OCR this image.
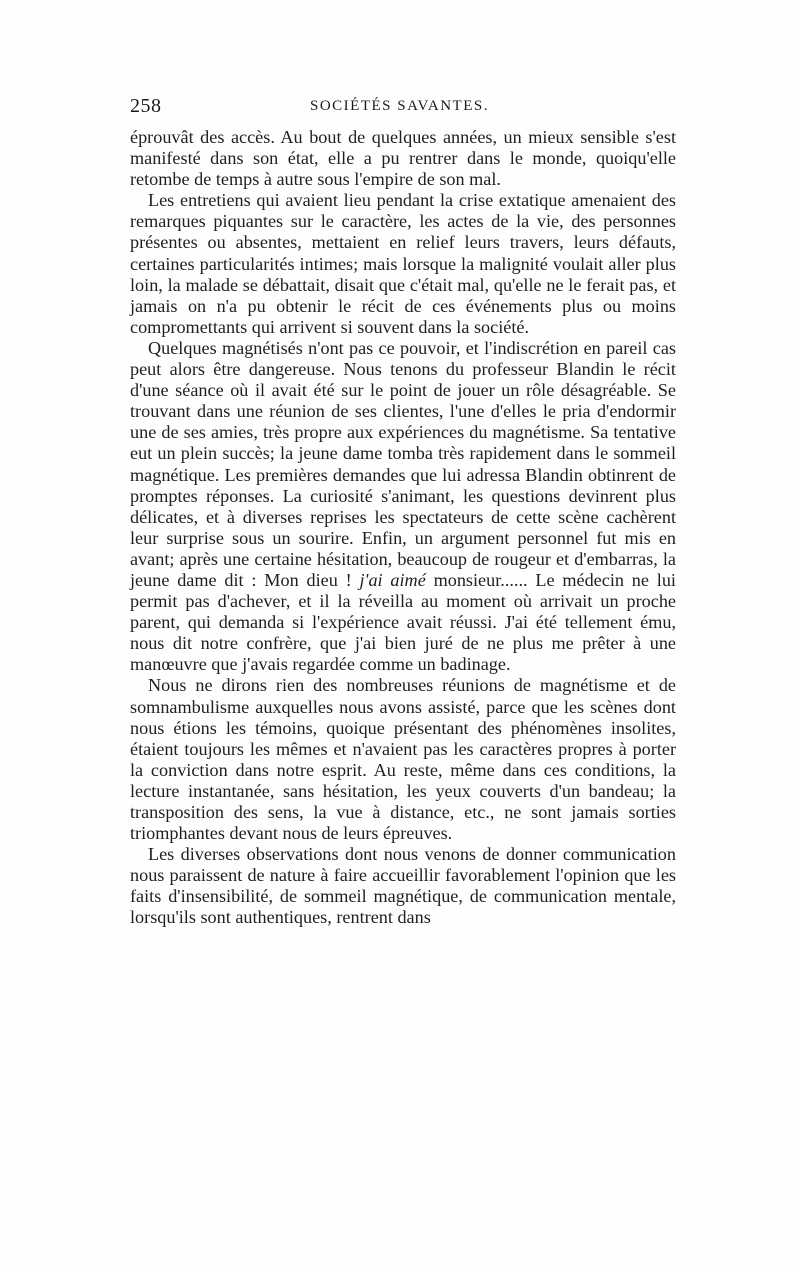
258	SOCIÉTÉS SAVANTES.

éprouvât des accès. Au bout de quelques années, un mieux sensible s'est manifesté dans son état, elle a pu rentrer dans le monde, quoiqu'elle retombe de temps à autre sous l'empire de son mal.

Les entretiens qui avaient lieu pendant la crise extatique amenaient des remarques piquantes sur le caractère, les actes de la vie, des personnes présentes ou absentes, mettaient en relief leurs travers, leurs défauts, certaines particularités intimes; mais lorsque la malignité voulait aller plus loin, la malade se débattait, disait que c'était mal, qu'elle ne le ferait pas, et jamais on n'a pu obtenir le récit de ces événements plus ou moins compromettants qui arrivent si souvent dans la société.

Quelques magnétisés n'ont pas ce pouvoir, et l'indiscrétion en pareil cas peut alors être dangereuse. Nous tenons du professeur Blandin le récit d'une séance où il avait été sur le point de jouer un rôle désagréable. Se trouvant dans une réunion de ses clientes, l'une d'elles le pria d'endormir une de ses amies, très propre aux expériences du magnétisme. Sa tentative eut un plein succès; la jeune dame tomba très rapidement dans le sommeil magnétique. Les premières demandes que lui adressa Blandin obtinrent de promptes réponses. La curiosité s'animant, les questions devinrent plus délicates, et à diverses reprises les spectateurs de cette scène cachèrent leur surprise sous un sourire. Enfin, un argument personnel fut mis en avant; après une certaine hésitation, beaucoup de rougeur et d'embarras, la jeune dame dit : Mon dieu ! j'ai aimé monsieur...... Le médecin ne lui permit pas d'achever, et il la réveilla au moment où arrivait un proche parent, qui demanda si l'expérience avait réussi. J'ai été tellement ému, nous dit notre confrère, que j'ai bien juré de ne plus me prêter à une manœuvre que j'avais regardée comme un badinage.

Nous ne dirons rien des nombreuses réunions de magnétisme et de somnambulisme auxquelles nous avons assisté, parce que les scènes dont nous étions les témoins, quoique présentant des phénomènes insolites, étaient toujours les mêmes et n'avaient pas les caractères propres à porter la conviction dans notre esprit. Au reste, même dans ces conditions, la lecture instantanée, sans hésitation, les yeux couverts d'un bandeau; la transposition des sens, la vue à distance, etc., ne sont jamais sorties triomphantes devant nous de leurs épreuves.

Les diverses observations dont nous venons de donner communication nous paraissent de nature à faire accueillir favorablement l'opinion que les faits d'insensibilité, de sommeil magnétique, de communication mentale, lorsqu'ils sont authentiques, rentrent dans
